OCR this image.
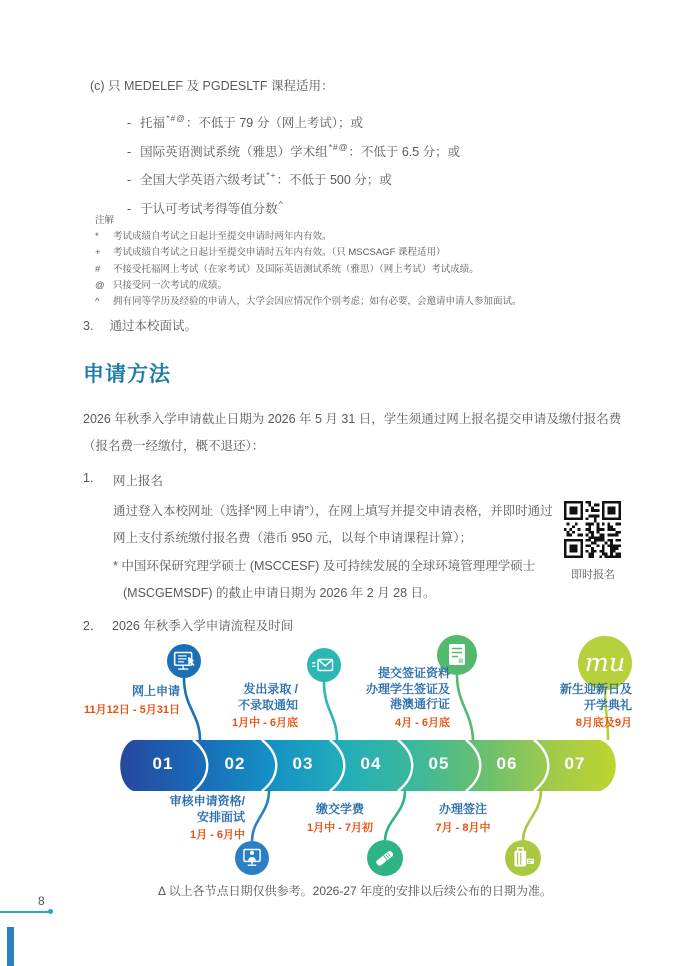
(c) 只 MEDELEF 及 PGDESLTF 课程适用：
- 托福*#@：不低于 79 分（网上考试）；或
- 国际英语测试系统（雅思）学术组*#@：不低于 6.5 分；或
- 全国大学英语六级考试*+：不低于 500 分；或
- 于认可考试考得等值分数^
注解
*	考试成绩自考试之日起计至提交申请时两年内有效。
+	考试成绩自考试之日起计至提交申请时五年内有效。（只 MSCSAGF 课程适用）
#	不接受托福网上考试（在家考试）及国际英语测试系统（雅思）（网上考试）考试成绩。
@ 只接受同一次考试的成绩。
^	拥有同等学历及经验的申请人，大学会因应情况作个别考虑；如有必要，会邀请申请人参加面试。
3. 通过本校面试。
申请方法
2026 年秋季入学申请截止日期为 2026 年 5 月 31 日，学生须通过网上报名提交申请及缴付报名费（报名费一经缴付，概不退还）：
1. 网上报名
通过登入本校网址（选择“网上申请”），在网上填写并提交申请表格，并即时通过网上支付系统缴付报名费（港币 950 元，以每个申请课程计算）；
* 中国环保研究理学硕士 (MSCCESF) 及可持续发展的全球环境管理理学硕士 (MSCGEMSDF) 的截止申请日期为 2026 年 2 月 28 日。
即时报名
2． 2026 年秋季入学申请流程及时间
01	02	03	04	05	06	07
mu
网上申请
11月12日 - 5月31日
发出录取 /
不录取通知
1月中 - 6月底
提交签证资料
办理学生签证及
港澳通行证
4月 - 6月底
新生迎新日及
开学典礼
8月底及9月
审核申请资格/
安排面试
1月 - 6月中
缴交学费
1月中 - 7月初
办理签注
7月 - 8月中
Δ 以上各节点日期仅供参考。2026-27 年度的安排以后续公布的日期为准。
8
